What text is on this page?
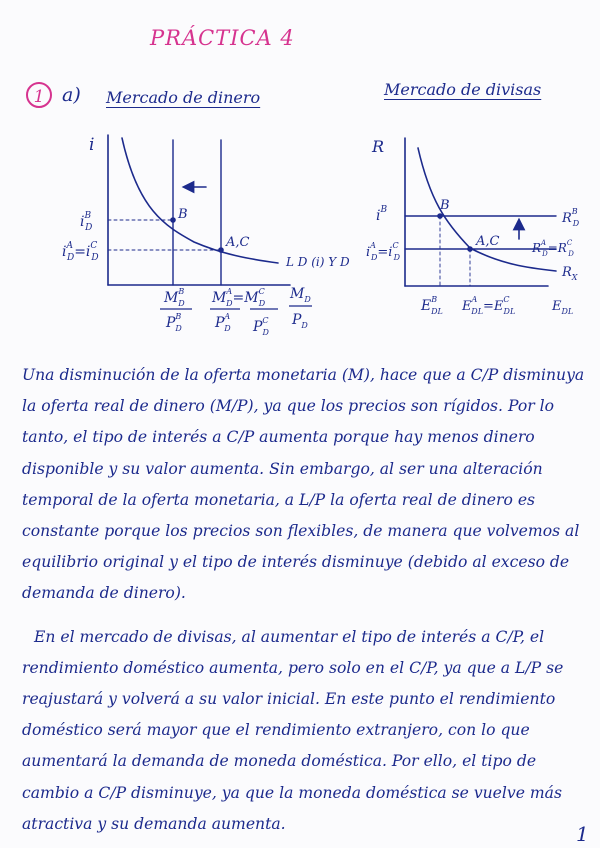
PRÁCTICA 4
1 a) Mercado de dinero	Mercado de divisas
i
$i^B$ D
$i^A$ $D=i^C$ D
B
A,C
L D (i) Y D
$M^B$ D
$P^B$ D
$M^A$ $D=M^C$ D
$P^A$ D $P^C$ D
$M_D$
$P_D$
R
$i^B$
$i^A$ $D=i^C$ D
B
A,C
$R^B$ D
$R^A$ $D=R^C$ D
$R_X$
$E^B$ DL $E^A$ $DL=E^C$ DL	$E_{DL}$

Una disminución de la oferta monetaria (M), hace que a C/P disminuya la oferta real de dinero (M/P), ya que los precios son rígidos. Por lo tanto, el tipo de interés a C/P aumenta porque hay menos dinero disponible y su valor aumenta. Sin embargo, al ser una alteración temporal de la oferta monetaria, a L/P la oferta real de dinero es constante porque los precios son flexibles, de manera que volvemos al equilibrio original y el tipo de interés disminuye (debido al exceso de demanda de dinero).

En el mercado de divisas, al aumentar el tipo de interés a C/P, el rendimiento doméstico aumenta, pero solo en el C/P, ya que a L/P se reajustará y volverá a su valor inicial. En este punto el rendimiento doméstico será mayor que el rendimiento extranjero, con lo que aumentará la demanda de moneda doméstica. Por ello, el tipo de cambio a C/P disminuye, ya que la moneda doméstica se vuelve más atractiva y su demanda aumenta.	1
